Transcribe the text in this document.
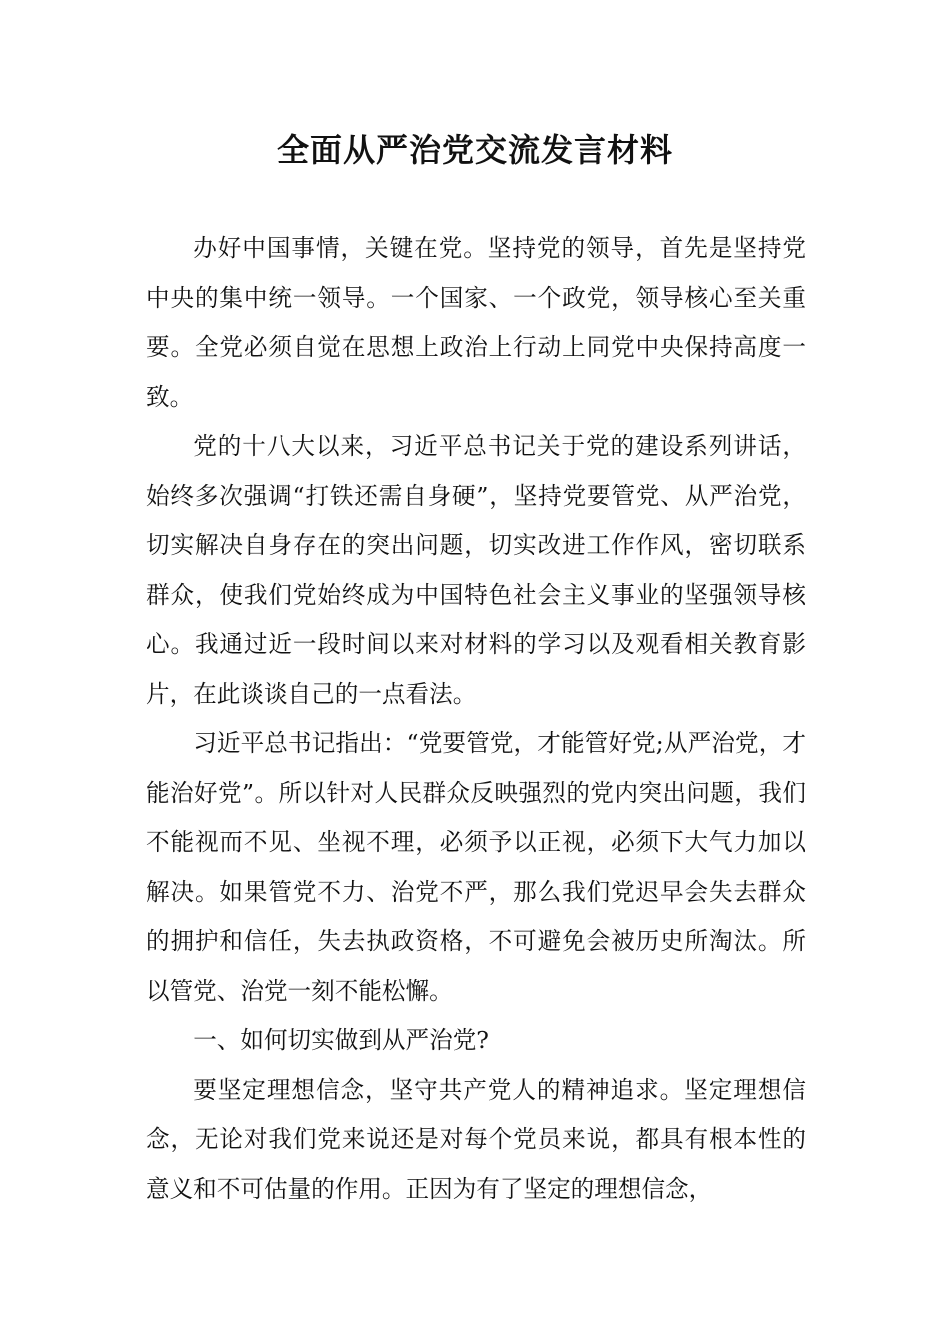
全面从严治党交流发言材料

办好中国事情，关键在党。坚持党的领导，首先是坚持党中央的集中统一领导。一个国家、一个政党，领导核心至关重要。全党必须自觉在思想上政治上行动上同党中央保持高度一致。

党的十八大以来，习近平总书记关于党的建设系列讲话，始终多次强调“打铁还需自身硬”，坚持党要管党、从严治党，切实解决自身存在的突出问题，切实改进工作作风，密切联系群众，使我们党始终成为中国特色社会主义事业的坚强领导核心。我通过近一段时间以来对材料的学习以及观看相关教育影片，在此谈谈自己的一点看法。

习近平总书记指出：“党要管党，才能管好党;从严治党，才能治好党”。所以针对人民群众反映强烈的党内突出问题，我们不能视而不见、坐视不理，必须予以正视，必须下大气力加以解决。如果管党不力、治党不严，那么我们党迟早会失去群众的拥护和信任，失去执政资格，不可避免会被历史所淘汰。所以管党、治党一刻不能松懈。

一、如何切实做到从严治党?

要坚定理想信念，坚守共产党人的精神追求。坚定理想信念，无论对我们党来说还是对每个党员来说，都具有根本性的意义和不可估量的作用。正因为有了坚定的理想信念，
